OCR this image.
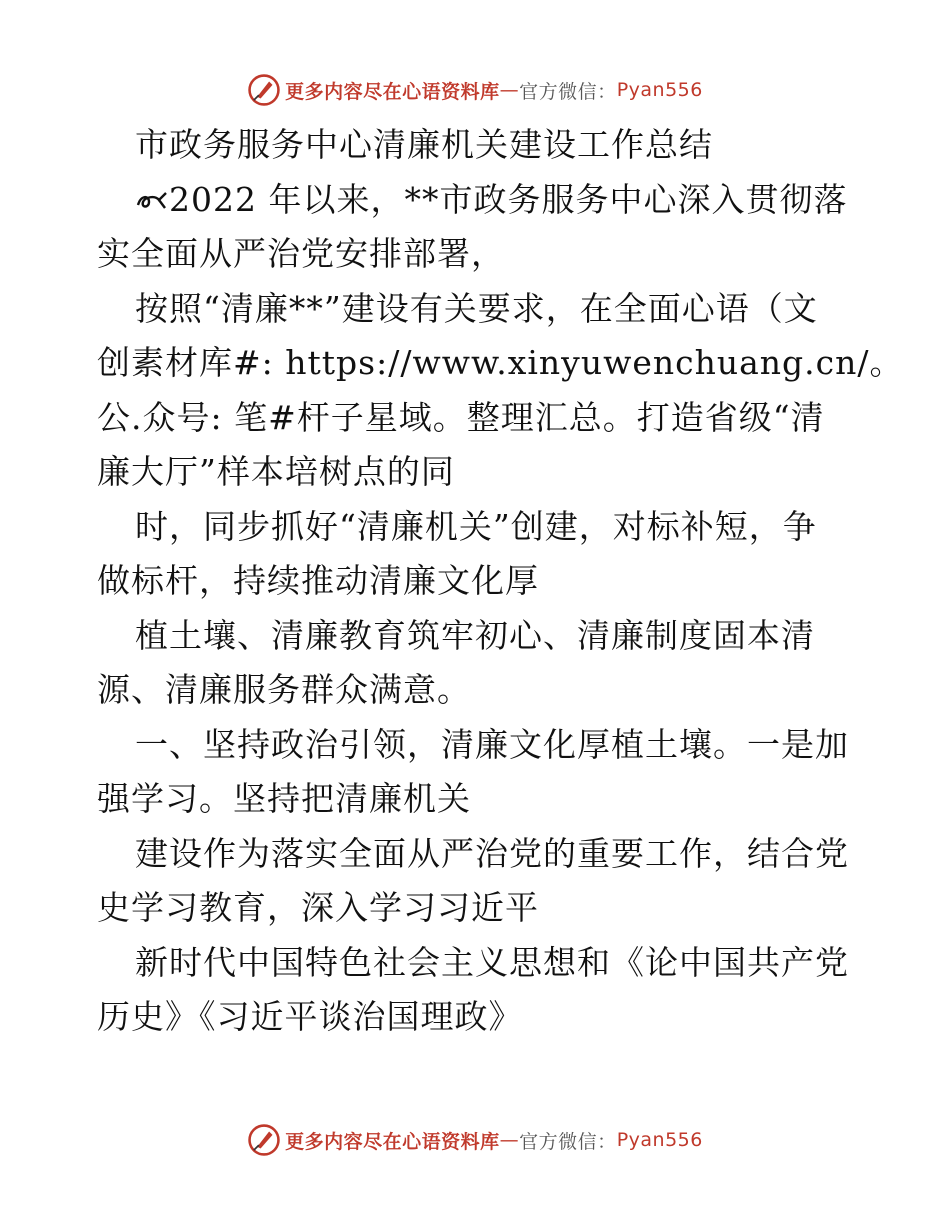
更多内容尽在心语资料库 — 官方微信： Pyan556
市政务服务中心清廉机关建设工作总结
2022 年以来，**市政务服务中心深入贯彻落
实全面从严治党安排部署，
按照“清廉**”建设有关要求，在全面心语（文
创素材库#: https://www.xinyuwenchuang.cn/。
公.众号: 笔#杆子星域。整理汇总。打造省级“清
廉大厅”样本培树点的同
时，同步抓好“清廉机关”创建，对标补短，争
做标杆，持续推动清廉文化厚
植土壤、清廉教育筑牢初心、清廉制度固本清
源、清廉服务群众满意。
一、坚持政治引领，清廉文化厚植土壤。一是加
强学习。坚持把清廉机关
建设作为落实全面从严治党的重要工作，结合党
史学习教育，深入学习习近平
新时代中国特色社会主义思想和《论中国共产党
历史》《习近平谈治国理政》
更多内容尽在心语资料库 — 官方微信： Pyan556
